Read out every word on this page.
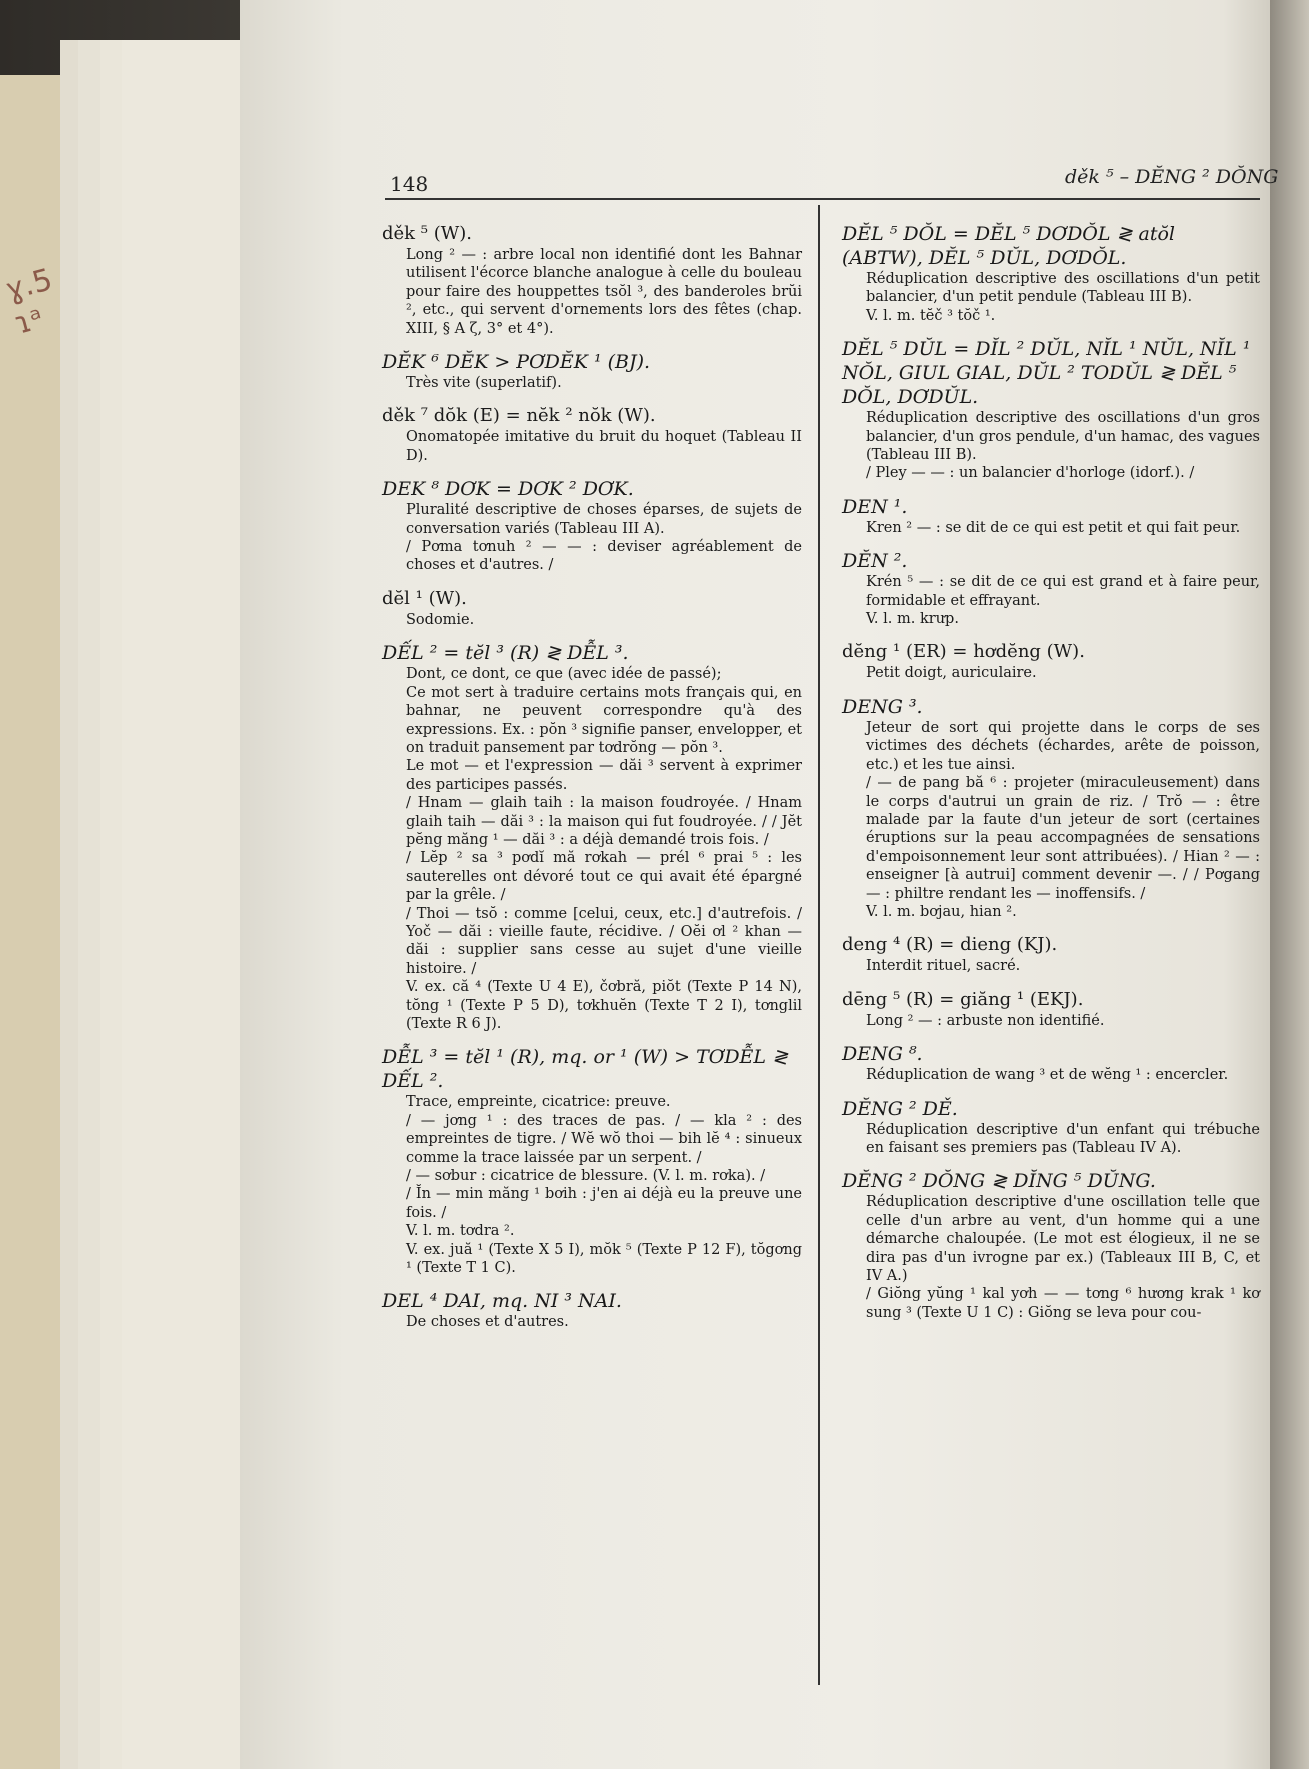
ɣ.5 ɿᵃ
148	děk ⁵ – DĔNG ² DŎNG
děk ⁵ (W).

Long ² — : arbre local non identifié dont les Bahnar utilisent l'écorce blanche analogue à celle du bouleau pour faire des houppettes tsŏl ³, des banderoles brŭi ², etc., qui servent d'ornements lors des fêtes (chap. XIII, § A ζ, 3° et 4°).

DĔK ⁶ DĔK > PƠDĔK ¹ (BJ).

Très vite (superlatif).

děk ⁷ dŏk (E) = nĕk ² nŏk (W).

Onomatopée imitative du bruit du hoquet (Tableau II D).

DEK ⁸ DƠK = DƠK ² DƠK.

Pluralité descriptive de choses éparses, de sujets de conversation variés (Tableau III A).

/ Pơma tơnuh ² — — : deviser agréablement de choses et d'autres. /

dĕl ¹ (W).

Sodomie.

DẾL ² = tĕl ³ (R) ≷ DỄL ³.

Dont, ce dont, ce que (avec idée de passé);

Ce mot sert à traduire certains mots français qui, en bahnar, ne peuvent correspondre qu'à des expressions. Ex. : pŏn ³ signifie panser, envelopper, et on traduit pansement par tơdrŏng — pŏn ³.

Le mot — et l'expression — dăi ³ servent à exprimer des participes passés.

/ Hnam — glaih taih : la maison foudroyée. / Hnam glaih taih — dăi ³ : la maison qui fut foudroyée. / / Jĕt pĕng măng ¹ — dăi ³ : a déjà demandé trois fois. /

/ Lĕp ² sa ³ pơdĭ mă rơkah — prél ⁶ prai ⁵ : les sauterelles ont dévoré tout ce qui avait été épargné par la grêle. /

/ Thoi — tsŏ : comme [celui, ceux, etc.] d'autrefois. / Yoč — dăi : vieille faute, récidive. / Oĕi ơl ² khan — dăi : supplier sans cesse au sujet d'une vieille histoire. /

V. ex. că ⁴ (Texte U 4 E), čơbră, piŏt (Texte P 14 N), tŏng ¹ (Texte P 5 D), tơkhuĕn (Texte T 2 I), tơnglil (Texte R 6 J).

DỄL ³ = tĕl ¹ (R), mq. or ¹ (W) > TƠDỄL ≷ DẾL ².

Trace, empreinte, cicatrice: preuve.

/ — jơng ¹ : des traces de pas. / — kla ² : des empreintes de tigre. / Wĕ wŏ thoi — bih lĕ ⁴ : sinueux comme la trace laissée par un serpent. /

/ — sơbur : cicatrice de blessure. (V. l. m. rơka). /

/ Ĭn — min măng ¹ bơih : j'en ai déjà eu la preuve une fois. /

V. l. m. tơdra ².

V. ex. juă ¹ (Texte X 5 I), mŏk ⁵ (Texte P 12 F), tŏgơng ¹ (Texte T 1 C).

DEL ⁴ DAI, mq. NI ³ NAI.

De choses et d'autres.

DĔL ⁵ DŎL = DĔL ⁵ DƠDŎL ≷ atŏl (ABTW), DĔL ⁵ DŬL, DƠDŎL.

Réduplication descriptive des oscillations d'un petit balancier, d'un petit pendule (Tableau III B).

V. l. m. tĕč ³ tŏč ¹.

DĔL ⁵ DŬL = DĬL ² DŬL, NĬL ¹ NŬL, NĬL ¹ NŎL, GIUL GIAL, DŬL ² TODŬL ≷ DĔL ⁵ DŎL, DƠDŬL.

Réduplication descriptive des oscillations d'un gros balancier, d'un gros pendule, d'un hamac, des vagues (Tableau III B).

/ Pley — — : un balancier d'horloge (idorf.). /

DEN ¹.

Kren ² — : se dit de ce qui est petit et qui fait peur.

DĔN ².

Krén ⁵ — : se dit de ce qui est grand et à faire peur, formidable et effrayant.

V. l. m. krưp.

dĕng ¹ (ER) = hơdĕng (W).

Petit doigt, auriculaire.

DENG ³.

Jeteur de sort qui projette dans le corps de ses victimes des déchets (échardes, arête de poisson, etc.) et les tue ainsi.

/ — de pang bă ⁶ : projeter (miraculeusement) dans le corps d'autrui un grain de riz. / Trŏ — : être malade par la faute d'un jeteur de sort (certaines éruptions sur la peau accompagnées de sensations d'empoisonnement leur sont attribuées). / Hian ² — : enseigner [à autrui] comment devenir —. / / Pơgang — : philtre rendant les — inoffensifs. /

V. l. m. bơjau, hian ².

deng ⁴ (R) = dieng (KJ).

Interdit rituel, sacré.

dēng ⁵ (R) = giăng ¹ (EKJ).

Long ² — : arbuste non identifié.

DENG ⁸.

Réduplication de wang ³ et de wĕng ¹ : encercler.

DĔNG ² DĚ.

Réduplication descriptive d'un enfant qui trébuche en faisant ses premiers pas (Tableau IV A).

DĔNG ² DŎNG ≷ DĬNG ⁵ DŬNG.

Réduplication descriptive d'une oscillation telle que celle d'un arbre au vent, d'un homme qui a une démarche chaloupée. (Le mot est élogieux, il ne se dira pas d'un ivrogne par ex.) (Tableaux III B, C, et IV A.)

/ Giŏng yŭng ¹ kal yơh — — tơng ⁶ hương krak ¹ kơ sung ³ (Texte U 1 C) : Giŏng se leva pour cou-
